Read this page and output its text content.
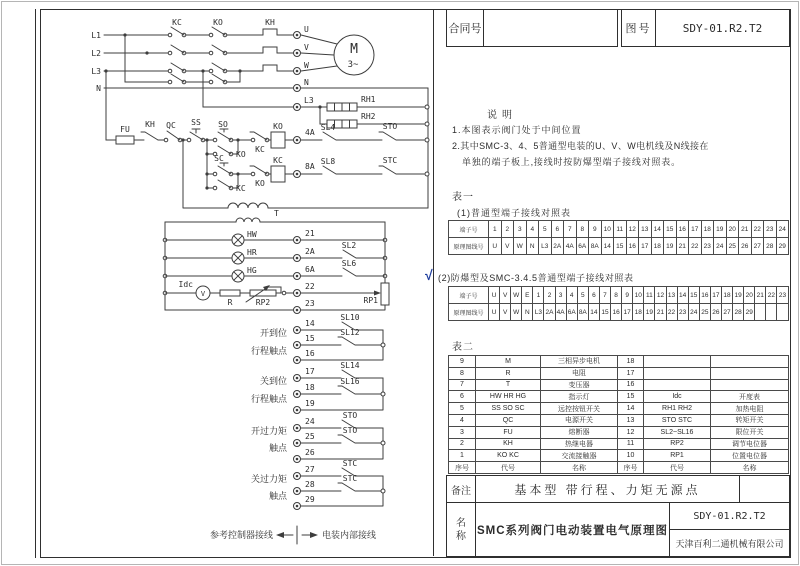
L1
L2
L3
N
KC	KO	KH
U
V
W
N
L3
M
3~
RH1
RH2
FU
KH QC SS SO
KO
SC
KC
KC
KO
KO
KC
4A
SL4	STO
8A
SL8	STC
T
HW
HR
HG
21
2A
SL2
6A
SL6
Idc
V
R	RP2
22
23	RP1
14
SL10
15
SL12
16
17
SL14
18
SL16
19
24
STO
25
STO
26
27
STC
28
STC
29
开到位
行程触点
关到位
行程触点
开过力矩
触点
关过力矩
触点
参考控制器接线	电装内部接线
合同号	图号	SDY-01.R2.T2
说明
1.本图表示阀门处于中间位置
2.其中SMC-3、4、5普通型电装的U、V、W电机线及N线接在
单独的端子板上,接线时按防爆型端子接线对照表。
表一
(1)普通型端子接线对照表
端子号	1	2	3	4	5	6	7	8	9	10	11	12	13	14	15	16	17	18	19	20	21	22	23	24
原理图线号	U	V	W	N	L3	2A	4A	6A	8A	14	15	16	17	18	19	21	22	23	24	25	26	27	28	29
√ (2)防爆型及SMC-3.4.5普通型端子接线对照表
端子号	U	V	W	E	1	2	3	4	5	6	7	8	9	10	11	12	13	14	15	16	17	18	19	20	21	22	23
原理图线号	U	V	W	N	L3	2A	4A	6A	8A	14	15	16	17	18	19	21	22	23	24	25	26	27	28	29			
表二
9	M	三相异步电机	18		
8	R	电阻	17		
7	T	变压器	16		
6	HW HR HG	指示灯	15	Idc	开度表
5	SS SO SC	远控按钮开关	14	RH1 RH2	加热电阻
4	QC	电源开关	13	STO STC	转矩开关
3	FU	熔断器	12	SL2~SL16	限位开关
2	KH	热继电器	11	RP2	调节电位器
1	KO KC	交流接触器	10	RP1	位置电位器
序号	代号	名称	序号	代号	名称
备注	基本型 带行程、力矩无源点
名
称 SMC系列阀门电动装置电气原理图
SDY-01.R2.T2
天津百利二通机械有限公司
